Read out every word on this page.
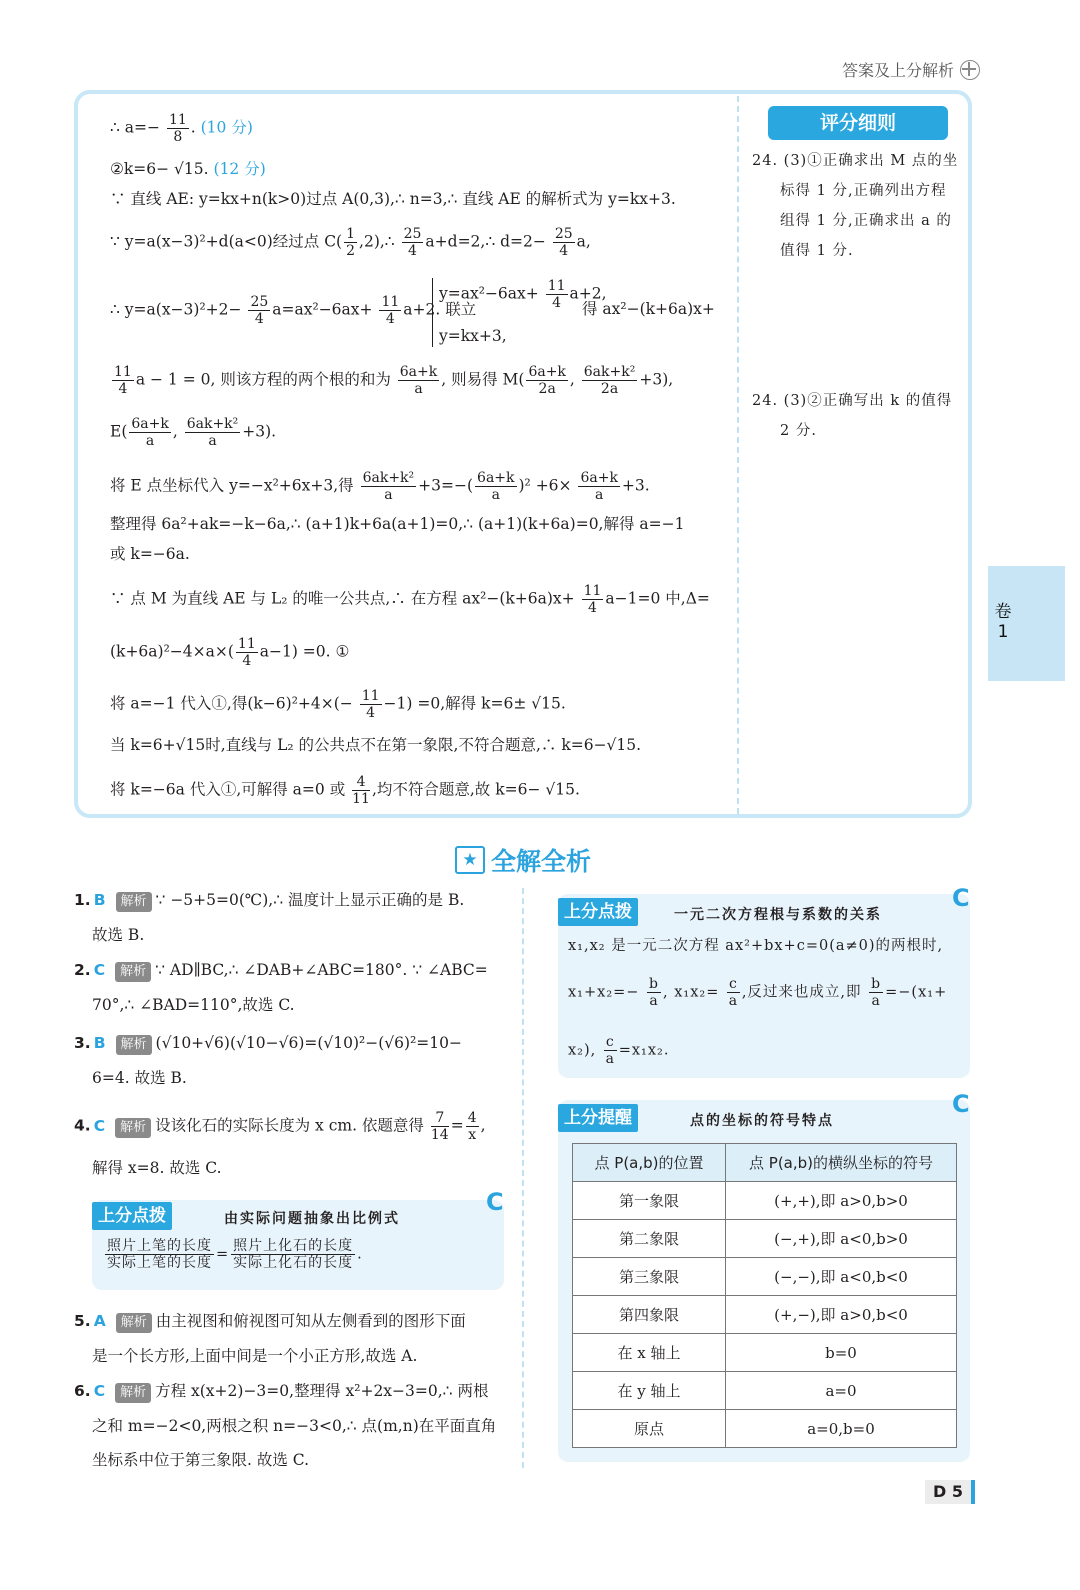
答案及上分解析
∴ $a=- \frac{11}{8}$ . (10 分)
②k=6− √15. (12 分)
∵ 直线 AE: y=kx+n(k>0)过点 A(0,3),∴ n=3,∴ 直线 AE 的解析式为 y=kx+3.
∵ y=a(x−3)²+d(a<0)经过点 $C( \frac{1}{2}$ ,2),∴ $\frac{25}{4}$ a+d=2,∴ $d=2- \frac{25}{4} a$,
∴ $y=a(x-3)^2+2- \frac{25}{4} a=ax^2-6ax+ \frac{11}{4} a+2$. 联立
$y=ax^2-6ax+ \frac{11}{4} a+2$,
y=kx+3,
得 ax²−(k+6a)x+
$\frac{11}{4}$ a − 1 = 0, 则该方程的两个根的和为 $\frac{6a+k}{a}$ , 则易得 $M( \frac{6a+k}{2a}$ , $\frac{\text{6ak+k²}}{2a} +3$),
$E( \frac{6a+k}{a}$ , $\frac{\text{6ak+k²}}{a} +3$).
将 E 点坐标代入 y=−x²+6x+3,得 $\frac{\text{6ak+k²}}{a} +3=-( \frac{6a+k}{a} )^2 +6\times \frac{6a+k}{a} +3$.
整理得 6a²+ak=−k−6a,∴ (a+1)k+6a(a+1)=0,∴ (a+1)(k+6a)=0,解得 a=−1
或 k=−6a.
∵ 点 M 为直线 AE 与 L₂ 的唯一公共点,∴ 在方程 $ax^2-(k+6a)x+ \frac{11}{4} a-1=0$ 中,Δ=
$(k+6a)^2-4\times a\times( \frac{11}{4} a-1) =0$. ①
将 a=−1 代入①,得$(k-6)^2+4\times(- \frac{11}{4} -1) =0$,解得 k=6± √15.
当 k=6+√15时,直线与 L₂ 的公共点不在第一象限,不符合题意,∴ k=6−√15.
将 k=−6a 代入①,可解得 a=0 或 $\frac{4}{11}$ ,均不符合题意,故 k=6− √15.
评分细则
24. (3)①正确求出 M 点的坐
标得 1 分,正确列出方程
组得 1 分,正确求出 a 的
值得 1 分.
24. (3)②正确写出 k 的值得
2 分.
卷
1
★ 全解全析
1. B 解析 ∵ −5+5=0(℃),∴ 温度计上显示正确的是 B.
故选 B.
2. C 解析 ∵ AD∥BC,∴ ∠DAB+∠ABC=180°. ∵ ∠ABC=
70°,∴ ∠BAD=110°,故选 C.
3. B 解析 (√10+√6)(√10−√6)=(√10)²−(√6)²=10−
6=4. 故选 B.
4. C 解析 设该化石的实际长度为 x cm. 依题意得 $\frac{7}{14} = \frac{4}{x}$ ,
解得 x=8. 故选 C.
上分点拨	由实际问题抽象出比例式
C
$\frac{\text{照片上笔的长度}}{\text{实际上笔的长度}} = \frac{\text{照片上化石的长度}}{\text{实际上化石的长度}}$ .
5. A 解析 由主视图和俯视图可知从左侧看到的图形下面
是一个长方形,上面中间是一个小正方形,故选 A.
6. C 解析 方程 x(x+2)−3=0,整理得 x²+2x−3=0,∴ 两根
之和 m=−2<0,两根之积 n=−3<0,∴ 点(m,n)在平面直角
坐标系中位于第三象限. 故选 C.
上分点拨	一元二次方程根与系数的关系
C
x₁,x₂ 是一元二次方程 ax²+bx+c=0(a≠0)的两根时,
$x_1+x_2=- \frac{b}{a}$ , $x_1x_2= \frac{c}{a}$ ,反过来也成立,即 $\frac{b}{a} =-(x_1+$
x₂), $\frac{c}{a} =x_1x_2$.
上分提醒	点的坐标的符号特点
C
点 P(a,b)的位置	点 P(a,b)的横纵坐标的符号
第一象限	(+,+),即 a>0,b>0
第二象限	(−,+),即 a<0,b>0
第三象限	(−,−),即 a<0,b<0
第四象限	(+,−),即 a>0,b<0
在 x 轴上	b=0
在 y 轴上	a=0
原点	a=0,b=0
D 5
